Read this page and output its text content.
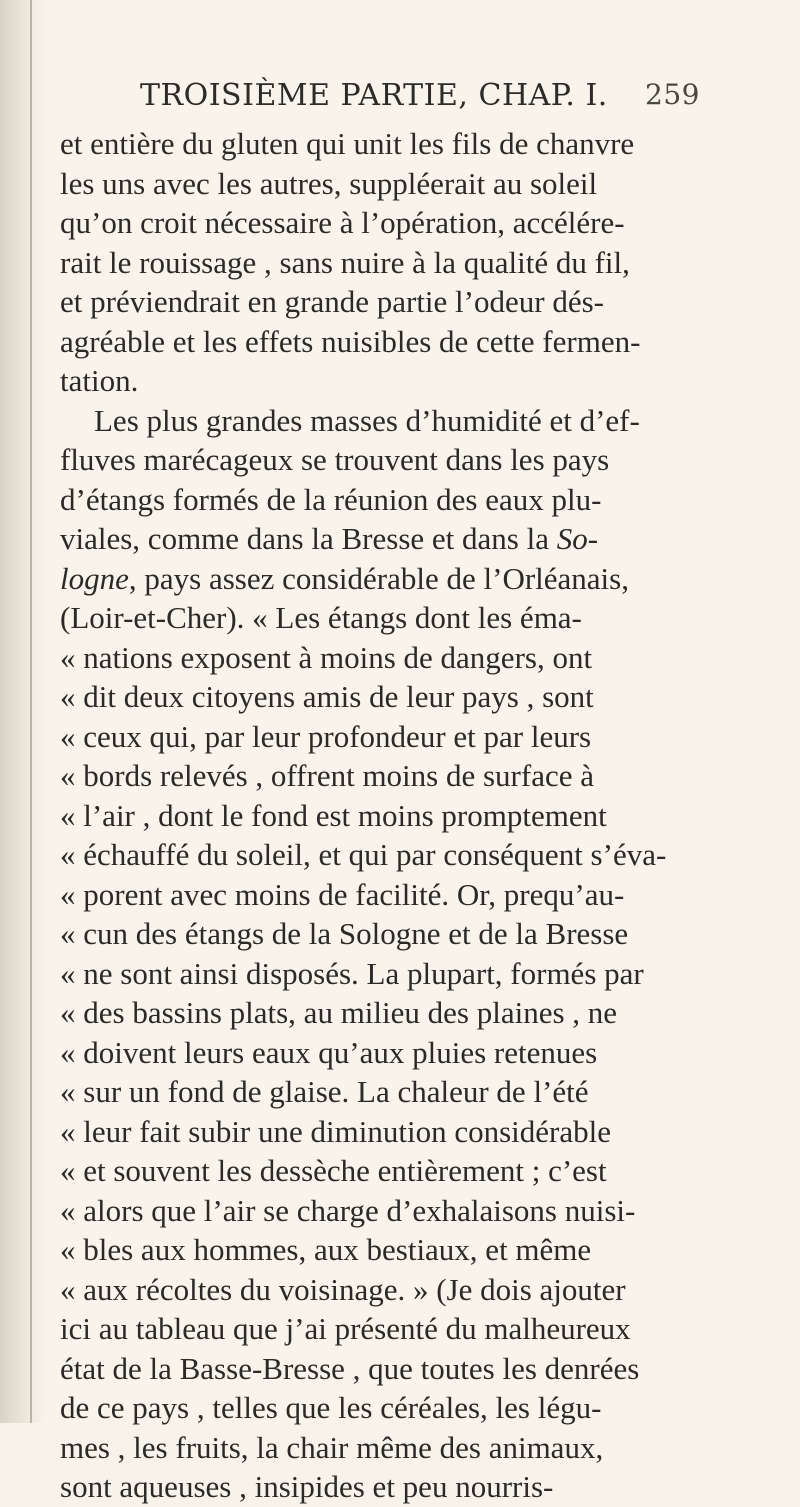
TROISIÈME PARTIE, CHAP. I. 259
et entière du gluten qui unit les fils de chanvre
les uns avec les autres, suppléerait au soleil
qu’on croit nécessaire à l’opération, accélére-
rait le rouissage , sans nuire à la qualité du fil,
et préviendrait en grande partie l’odeur dés-
agréable et les effets nuisibles de cette fermen-
tation.
Les plus grandes masses d’humidité et d’ef-
fluves marécageux se trouvent dans les pays
d’étangs formés de la réunion des eaux plu-
viales, comme dans la Bresse et dans la So-
logne, pays assez considérable de l’Orléanais,
(Loir-et-Cher). « Les étangs dont les éma-
« nations exposent à moins de dangers, ont
« dit deux citoyens amis de leur pays , sont
« ceux qui, par leur profondeur et par leurs
« bords relevés , offrent moins de surface à
« l’air , dont le fond est moins promptement
« échauffé du soleil, et qui par conséquent s’éva-
« porent avec moins de facilité. Or, prequ’au-
« cun des étangs de la Sologne et de la Bresse
« ne sont ainsi disposés. La plupart, formés par
« des bassins plats, au milieu des plaines , ne
« doivent leurs eaux qu’aux pluies retenues
« sur un fond de glaise. La chaleur de l’été
« leur fait subir une diminution considérable
« et souvent les dessèche entièrement ; c’est
« alors que l’air se charge d’exhalaisons nuisi-
« bles aux hommes, aux bestiaux, et même
« aux récoltes du voisinage. » (Je dois ajouter
ici au tableau que j’ai présenté du malheureux
état de la Basse-Bresse , que toutes les denrées
de ce pays , telles que les céréales, les légu-
mes , les fruits, la chair même des animaux,
sont aqueuses , insipides et peu nourris-
